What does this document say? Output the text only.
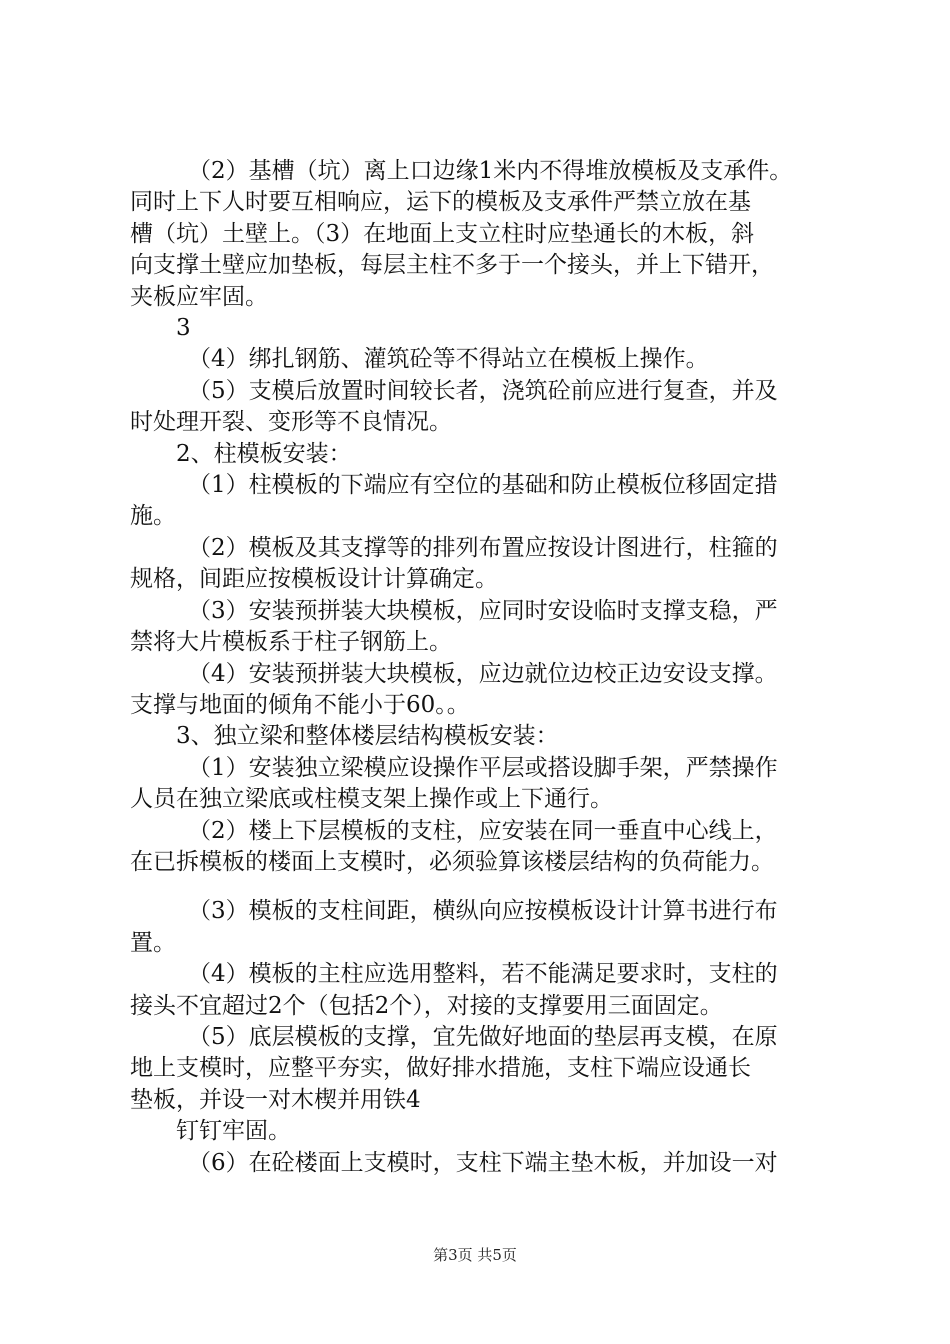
（2）基槽（坑）离上口边缘1米内不得堆放模板及支承件。

同时上下人时要互相响应，运下的模板及支承件严禁立放在基

槽（坑）土壁上。（3）在地面上支立柱时应垫通长的木板，斜

向支撑土壁应加垫板，每层主柱不多于一个接头，并上下错开，

夹板应牢固。

3

（4）绑扎钢筋、灌筑砼等不得站立在模板上操作。

（5）支模后放置时间较长者，浇筑砼前应进行复查，并及

时处理开裂、变形等不良情况。

2、柱模板安装：

（1）柱模板的下端应有空位的基础和防止模板位移固定措

施。

（2）模板及其支撑等的排列布置应按设计图进行，柱箍的

规格，间距应按模板设计计算确定。

（3）安装预拼装大块模板，应同时安设临时支撑支稳，严

禁将大片模板系于柱子钢筋上。

（4）安装预拼装大块模板，应边就位边校正边安设支撑。

支撑与地面的倾角不能小于60。。

3、独立梁和整体楼层结构模板安装：

（1）安装独立梁模应设操作平层或搭设脚手架，严禁操作

人员在独立梁底或柱模支架上操作或上下通行。

（2）楼上下层模板的支柱，应安装在同一垂直中心线上，

在已拆模板的楼面上支模时，必须验算该楼层结构的负荷能力。

（3）模板的支柱间距，横纵向应按模板设计计算书进行布

置。

（4）模板的主柱应选用整料，若不能满足要求时，支柱的

接头不宜超过2个（包括2个），对接的支撑要用三面固定。

（5）底层模板的支撑，宜先做好地面的垫层再支模，在原

地上支模时，应整平夯实，做好排水措施，支柱下端应设通长

垫板，并设一对木楔并用铁4

钉钉牢固。

（6）在砼楼面上支模时，支柱下端主垫木板，并加设一对

第3页 共5页
